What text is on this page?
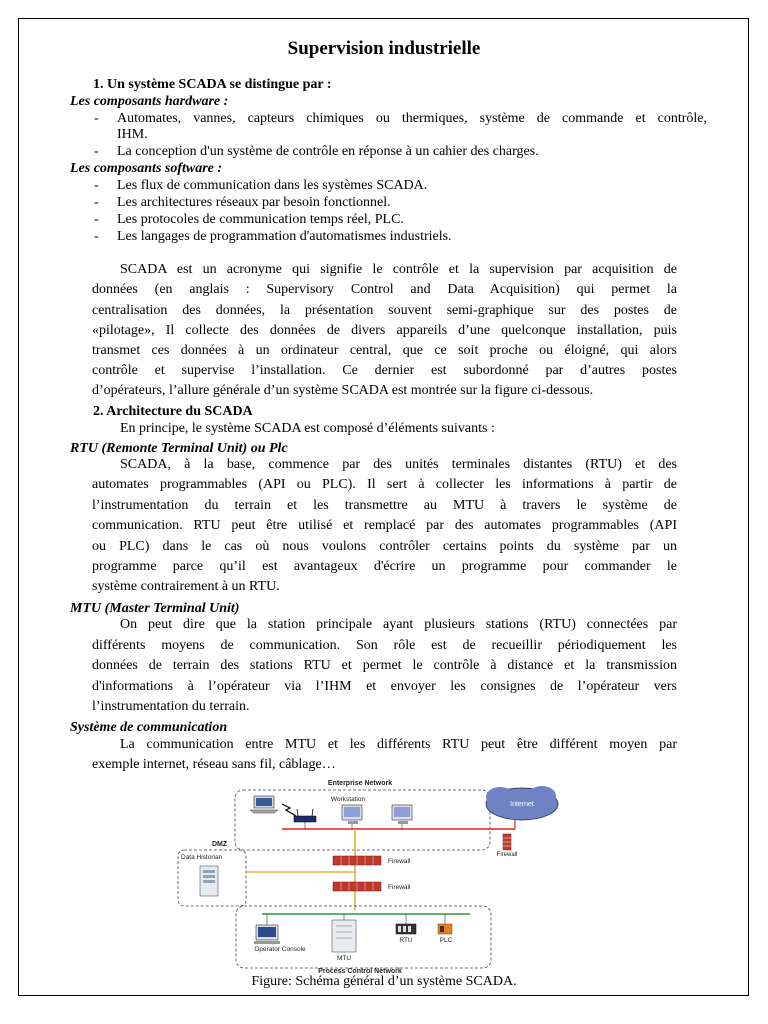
Supervision industrielle
1. Un système SCADA se distingue par :
Les composants hardware :
- Automates, vannes, capteurs chimiques ou thermiques, système de commande et contrôle,
IHM.
- La conception d'un système de contrôle en réponse à un cahier des charges.
Les composants software :
- Les flux de communication dans les systèmes SCADA.
- Les architectures réseaux par besoin fonctionnel.
- Les protocoles de communication temps réel, PLC.
- Les langages de programmation d'automatismes industriels.
SCADA est un acronyme qui signifie le contrôle et la supervision par acquisition de
données (en anglais : Supervisory Control and Data Acquisition) qui permet la
centralisation des données, la présentation souvent semi-graphique sur des postes de
«pilotage», Il collecte des données de divers appareils d’une quelconque installation, puis
transmet ces données à un ordinateur central, que ce soit proche ou éloigné, qui alors
contrôle et supervise l’installation. Ce dernier est subordonné par d’autres postes
d’opérateurs, l’allure générale d’un système SCADA est montrée sur la figure ci-dessous.
2. Architecture du SCADA
En principe, le système SCADA est composé d’éléments suivants :
RTU (Remonte Terminal Unit) ou Plc
SCADA, à la base, commence par des unités terminales distantes (RTU) et des
automates programmables (API ou PLC). Il sert à collecter les informations à partir de
l’instrumentation du terrain et les transmettre au MTU à travers le système de
communication. RTU peut être utilisé et remplacé par des automates programmables (API
ou PLC) dans le cas où nous voulons contrôler certains points du système par un
programme parce qu’il est avantageux d'écrire un programme pour commander le
système contrairement à un RTU.
MTU (Master Terminal Unit)
On peut dire que la station principale ayant plusieurs stations (RTU) connectées par
différents moyens de communication. Son rôle est de recueillir périodiquement les
données de terrain des stations RTU et permet le contrôle à distance et la transmission
d'informations à l’opérateur via l’IHM et envoyer les consignes de l’opérateur vers
l’instrumentation du terrain.
Système de communication
La communication entre MTU et les différents RTU peut être différent moyen par
exemple internet, réseau sans fil, câblage…
Enterprise Network
Workstation
Internet
Firewall
DMZ
Data Historian
Firewall
Firewall
Operator Console
MTU
RTU	PLC
Process Control Network
Figure: Schéma général d’un système SCADA.
